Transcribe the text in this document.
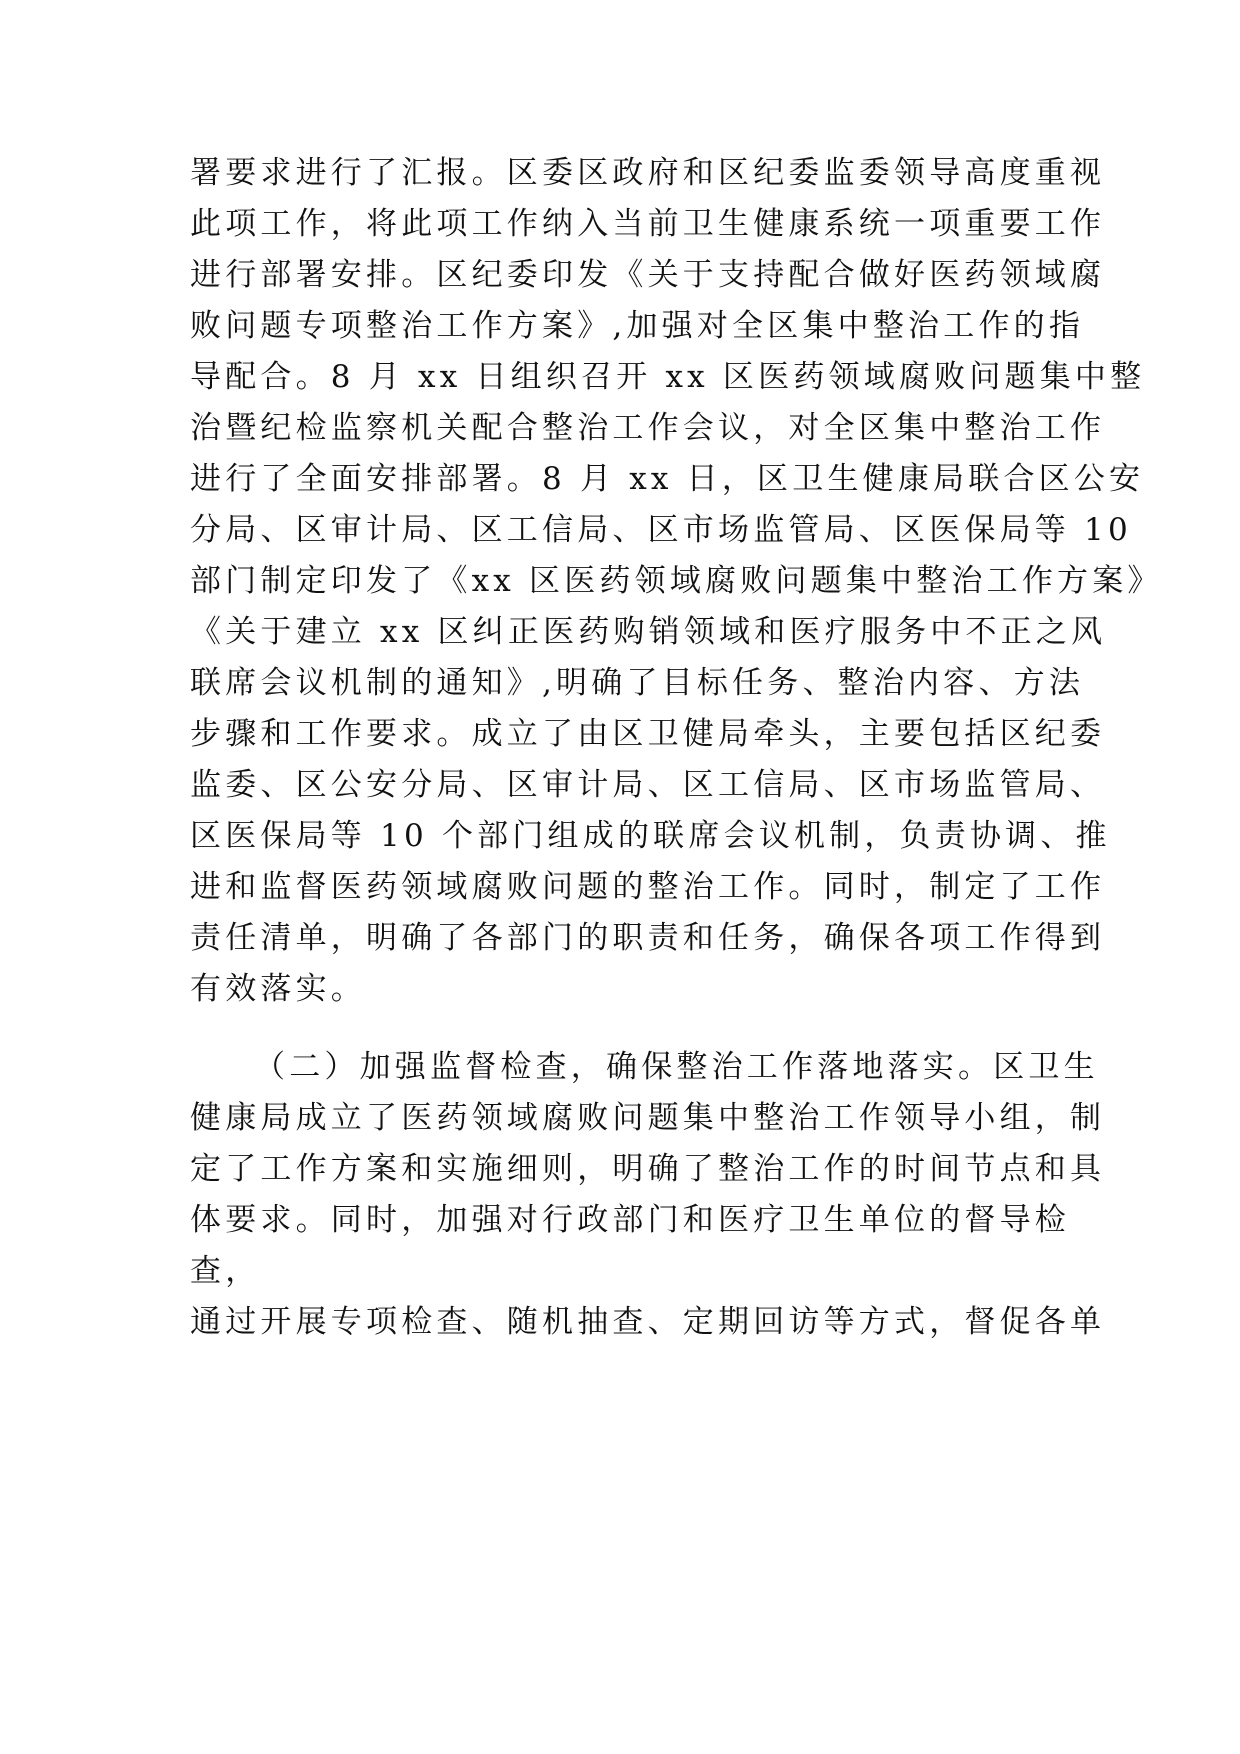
署要求进行了汇报。区委区政府和区纪委监委领导高度重视
此项工作，将此项工作纳入当前卫生健康系统一项重要工作
进行部署安排。区纪委印发《关于支持配合做好医药领域腐
败问题专项整治工作方案》,加强对全区集中整治工作的指
导配合。8 月 xx 日组织召开 xx 区医药领域腐败问题集中整
治暨纪检监察机关配合整治工作会议，对全区集中整治工作
进行了全面安排部署。8 月 xx 日，区卫生健康局联合区公安
分局、区审计局、区工信局、区市场监管局、区医保局等 10
部门制定印发了《xx 区医药领域腐败问题集中整治工作方案》
《关于建立 xx 区纠正医药购销领域和医疗服务中不正之风
联席会议机制的通知》,明确了目标任务、整治内容、方法
步骤和工作要求。成立了由区卫健局牵头，主要包括区纪委
监委、区公安分局、区审计局、区工信局、区市场监管局、
区医保局等 10 个部门组成的联席会议机制，负责协调、推
进和监督医药领域腐败问题的整治工作。同时，制定了工作
责任清单，明确了各部门的职责和任务，确保各项工作得到
有效落实。
（二）加强监督检查，确保整治工作落地落实。区卫生
健康局成立了医药领域腐败问题集中整治工作领导小组，制
定了工作方案和实施细则，明确了整治工作的时间节点和具
体要求。同时，加强对行政部门和医疗卫生单位的督导检
查，
通过开展专项检查、随机抽查、定期回访等方式，督促各单
